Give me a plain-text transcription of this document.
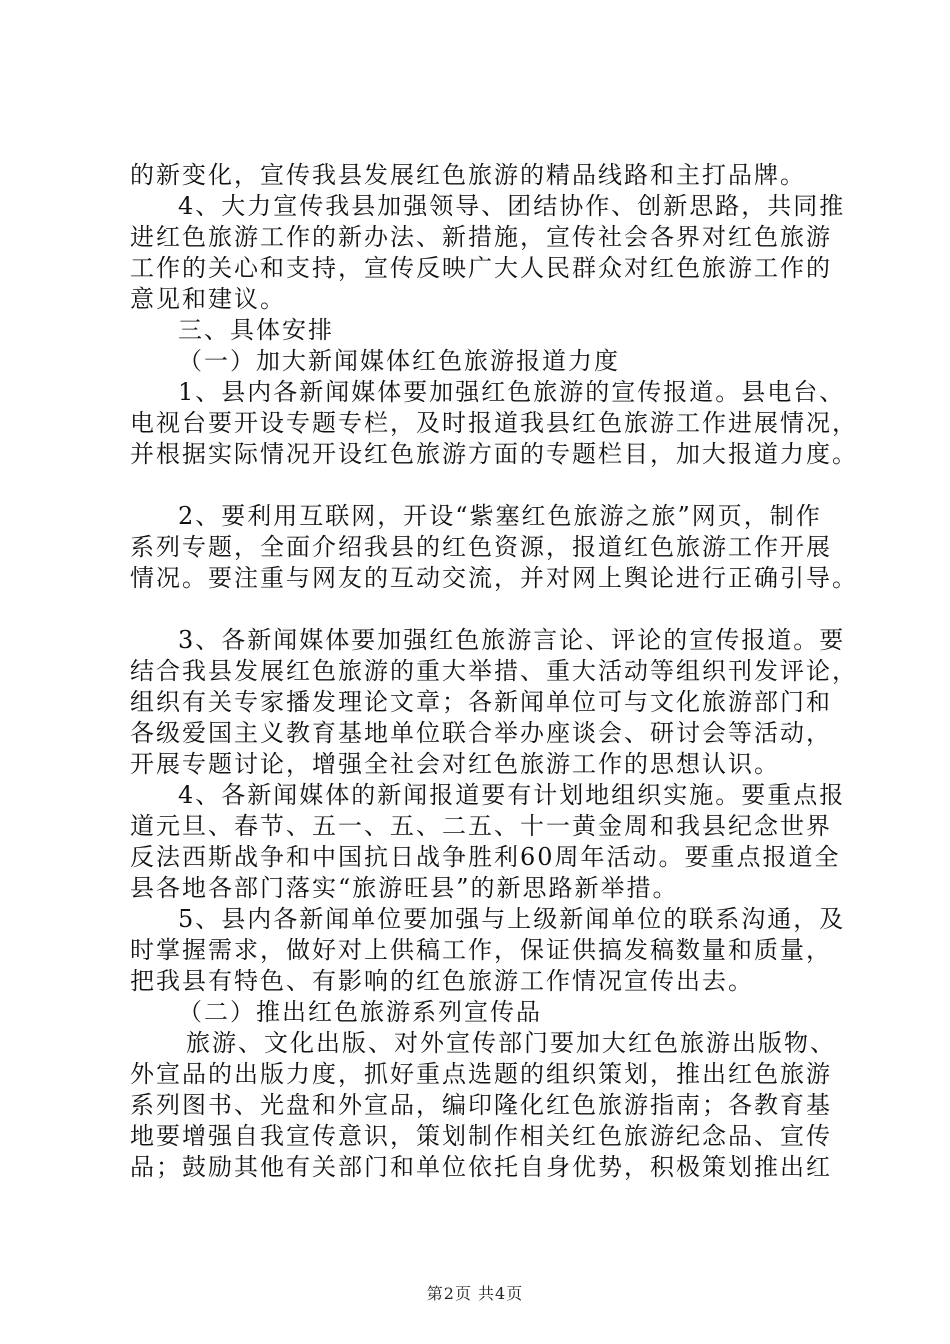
的新变化，宣传我县发展红色旅游的精品线路和主打品牌。
4、大力宣传我县加强领导、团结协作、创新思路，共同推
进红色旅游工作的新办法、新措施，宣传社会各界对红色旅游
工作的关心和支持，宣传反映广大人民群众对红色旅游工作的
意见和建议。
三、具体安排
（一）加大新闻媒体红色旅游报道力度
1、县内各新闻媒体要加强红色旅游的宣传报道。县电台、
电视台要开设专题专栏，及时报道我县红色旅游工作进展情况，
并根据实际情况开设红色旅游方面的专题栏目，加大报道力度。
2、要利用互联网，开设“紫塞红色旅游之旅”网页，制作
系列专题，全面介绍我县的红色资源，报道红色旅游工作开展
情况。要注重与网友的互动交流，并对网上舆论进行正确引导。
3、各新闻媒体要加强红色旅游言论、评论的宣传报道。要
结合我县发展红色旅游的重大举措、重大活动等组织刊发评论，
组织有关专家播发理论文章；各新闻单位可与文化旅游部门和
各级爱国主义教育基地单位联合举办座谈会、研讨会等活动，
开展专题讨论，增强全社会对红色旅游工作的思想认识。
4、各新闻媒体的新闻报道要有计划地组织实施。要重点报
道元旦、春节、五一、五、二五、十一黄金周和我县纪念世界
反法西斯战争和中国抗日战争胜利60周年活动。要重点报道全
县各地各部门落实“旅游旺县”的新思路新举措。
5、县内各新闻单位要加强与上级新闻单位的联系沟通，及
时掌握需求，做好对上供稿工作，保证供搞发稿数量和质量，
把我县有特色、有影响的红色旅游工作情况宣传出去。
（二）推出红色旅游系列宣传品
旅游、文化出版、对外宣传部门要加大红色旅游出版物、
外宣品的出版力度，抓好重点选题的组织策划，推出红色旅游
系列图书、光盘和外宣品，编印隆化红色旅游指南；各教育基
地要增强自我宣传意识，策划制作相关红色旅游纪念品、宣传
品；鼓励其他有关部门和单位依托自身优势，积极策划推出红
第2页 共4页
